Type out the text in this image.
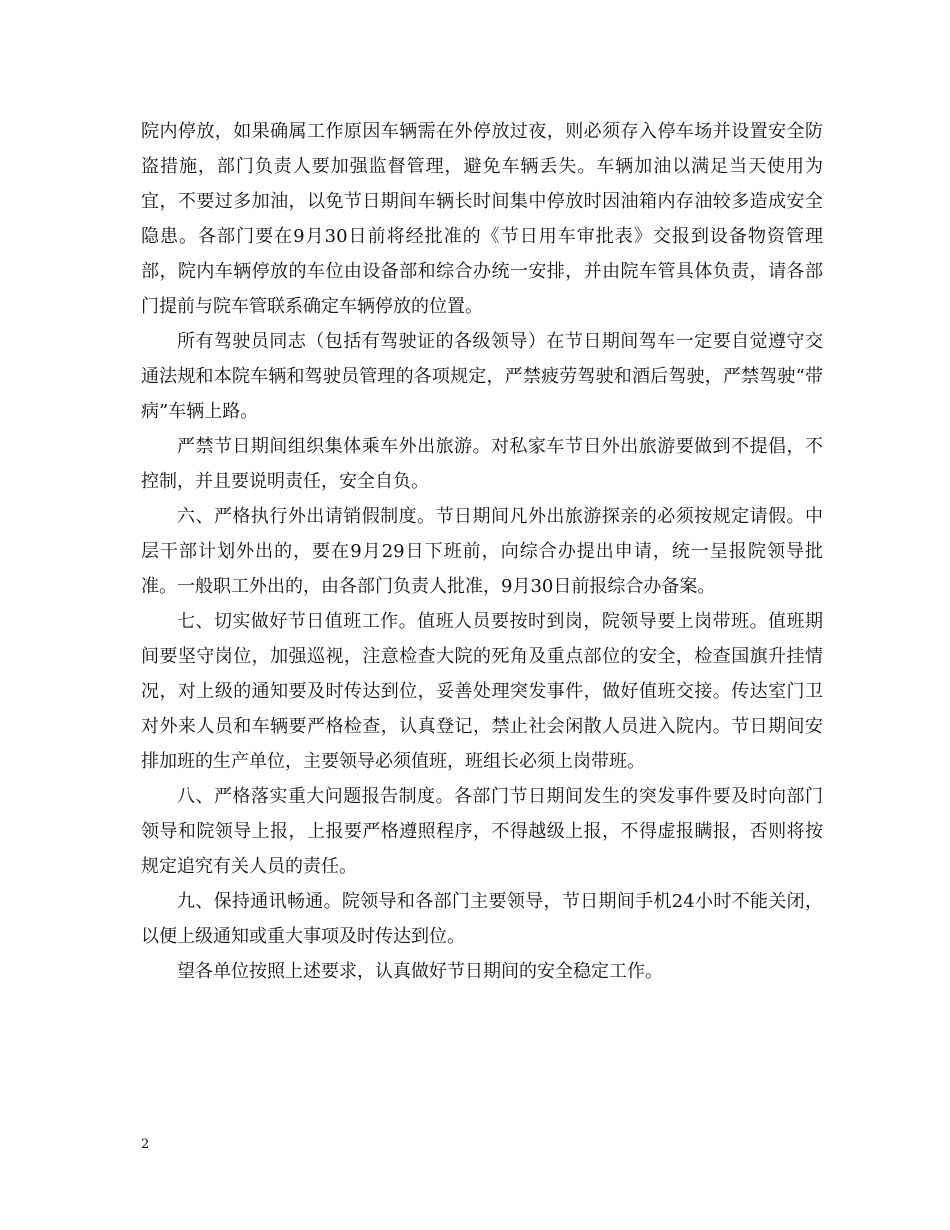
院内停放，如果确属工作原因车辆需在外停放过夜，则必须存入停车场并设置安全防盗措施，部门负责人要加强监督管理，避免车辆丢失。车辆加油以满足当天使用为宜，不要过多加油，以免节日期间车辆长时间集中停放时因油箱内存油较多造成安全隐患。各部门要在9月30日前将经批准的《节日用车审批表》交报到设备物资管理部，院内车辆停放的车位由设备部和综合办统一安排，并由院车管具体负责，请各部门提前与院车管联系确定车辆停放的位置。

所有驾驶员同志（包括有驾驶证的各级领导）在节日期间驾车一定要自觉遵守交通法规和本院车辆和驾驶员管理的各项规定，严禁疲劳驾驶和酒后驾驶，严禁驾驶“带病”车辆上路。

严禁节日期间组织集体乘车外出旅游。对私家车节日外出旅游要做到不提倡，不控制，并且要说明责任，安全自负。

六、严格执行外出请销假制度。节日期间凡外出旅游探亲的必须按规定请假。中层干部计划外出的，要在9月29日下班前，向综合办提出申请，统一呈报院领导批准。一般职工外出的，由各部门负责人批准，9月30日前报综合办备案。

七、切实做好节日值班工作。值班人员要按时到岗，院领导要上岗带班。值班期间要坚守岗位，加强巡视，注意检查大院的死角及重点部位的安全，检查国旗升挂情况，对上级的通知要及时传达到位，妥善处理突发事件，做好值班交接。传达室门卫对外来人员和车辆要严格检查，认真登记，禁止社会闲散人员进入院内。节日期间安排加班的生产单位，主要领导必须值班，班组长必须上岗带班。

八、严格落实重大问题报告制度。各部门节日期间发生的突发事件要及时向部门领导和院领导上报，上报要严格遵照程序，不得越级上报，不得虚报瞒报，否则将按规定追究有关人员的责任。

九、保持通讯畅通。院领导和各部门主要领导，节日期间手机24小时不能关闭，以便上级通知或重大事项及时传达到位。

望各单位按照上述要求，认真做好节日期间的安全稳定工作。

2
